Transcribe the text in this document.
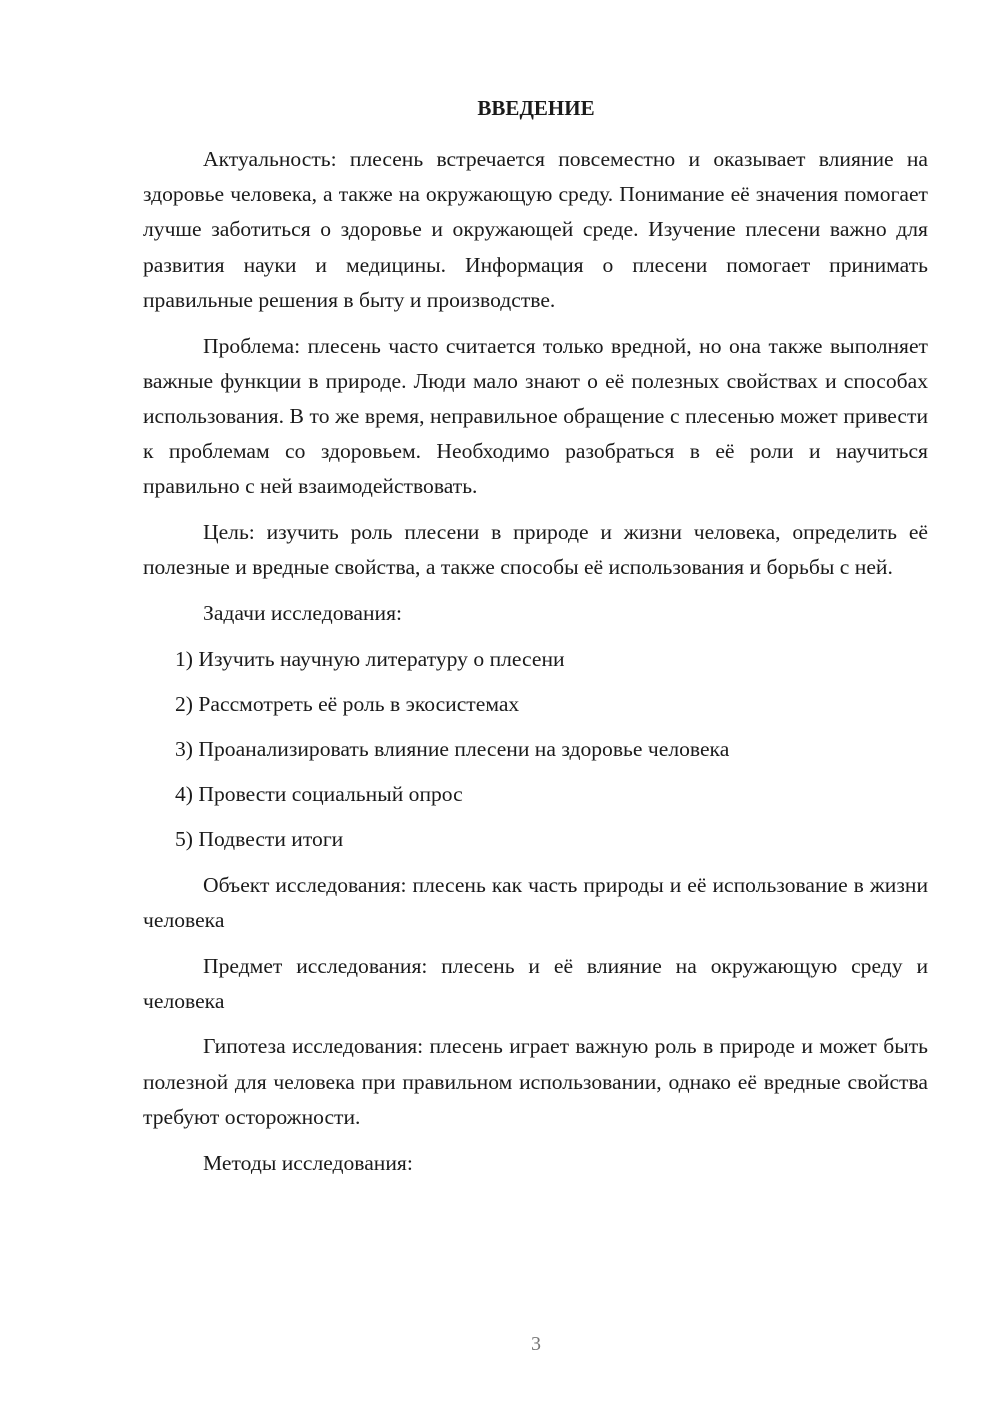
ВВЕДЕНИЕ

Актуальность: плесень встречается повсеместно и оказывает влияние на здоровье человека, а также на окружающую среду. Понимание её значения помогает лучше заботиться о здоровье и окружающей среде. Изучение плесени важно для развития науки и медицины. Информация о плесени помогает принимать правильные решения в быту и производстве.

Проблема: плесень часто считается только вредной, но она также выполняет важные функции в природе. Люди мало знают о её полезных свойствах и способах использования. В то же время, неправильное обращение с плесенью может привести к проблемам со здоровьем. Необходимо разобраться в её роли и научиться правильно с ней взаимодействовать.

Цель: изучить роль плесени в природе и жизни человека, определить её полезные и вредные свойства, а также способы её использования и борьбы с ней.

Задачи исследования:

1) Изучить научную литературу о плесени
2) Рассмотреть её роль в экосистемах
3) Проанализировать влияние плесени на здоровье человека
4) Провести социальный опрос
5) Подвести итоги

Объект исследования: плесень как часть природы и её использование в жизни человека

Предмет исследования: плесень и её влияние на окружающую среду и человека

Гипотеза исследования: плесень играет важную роль в природе и может быть полезной для человека при правильном использовании, однако её вредные свойства требуют осторожности.

Методы исследования:

3
